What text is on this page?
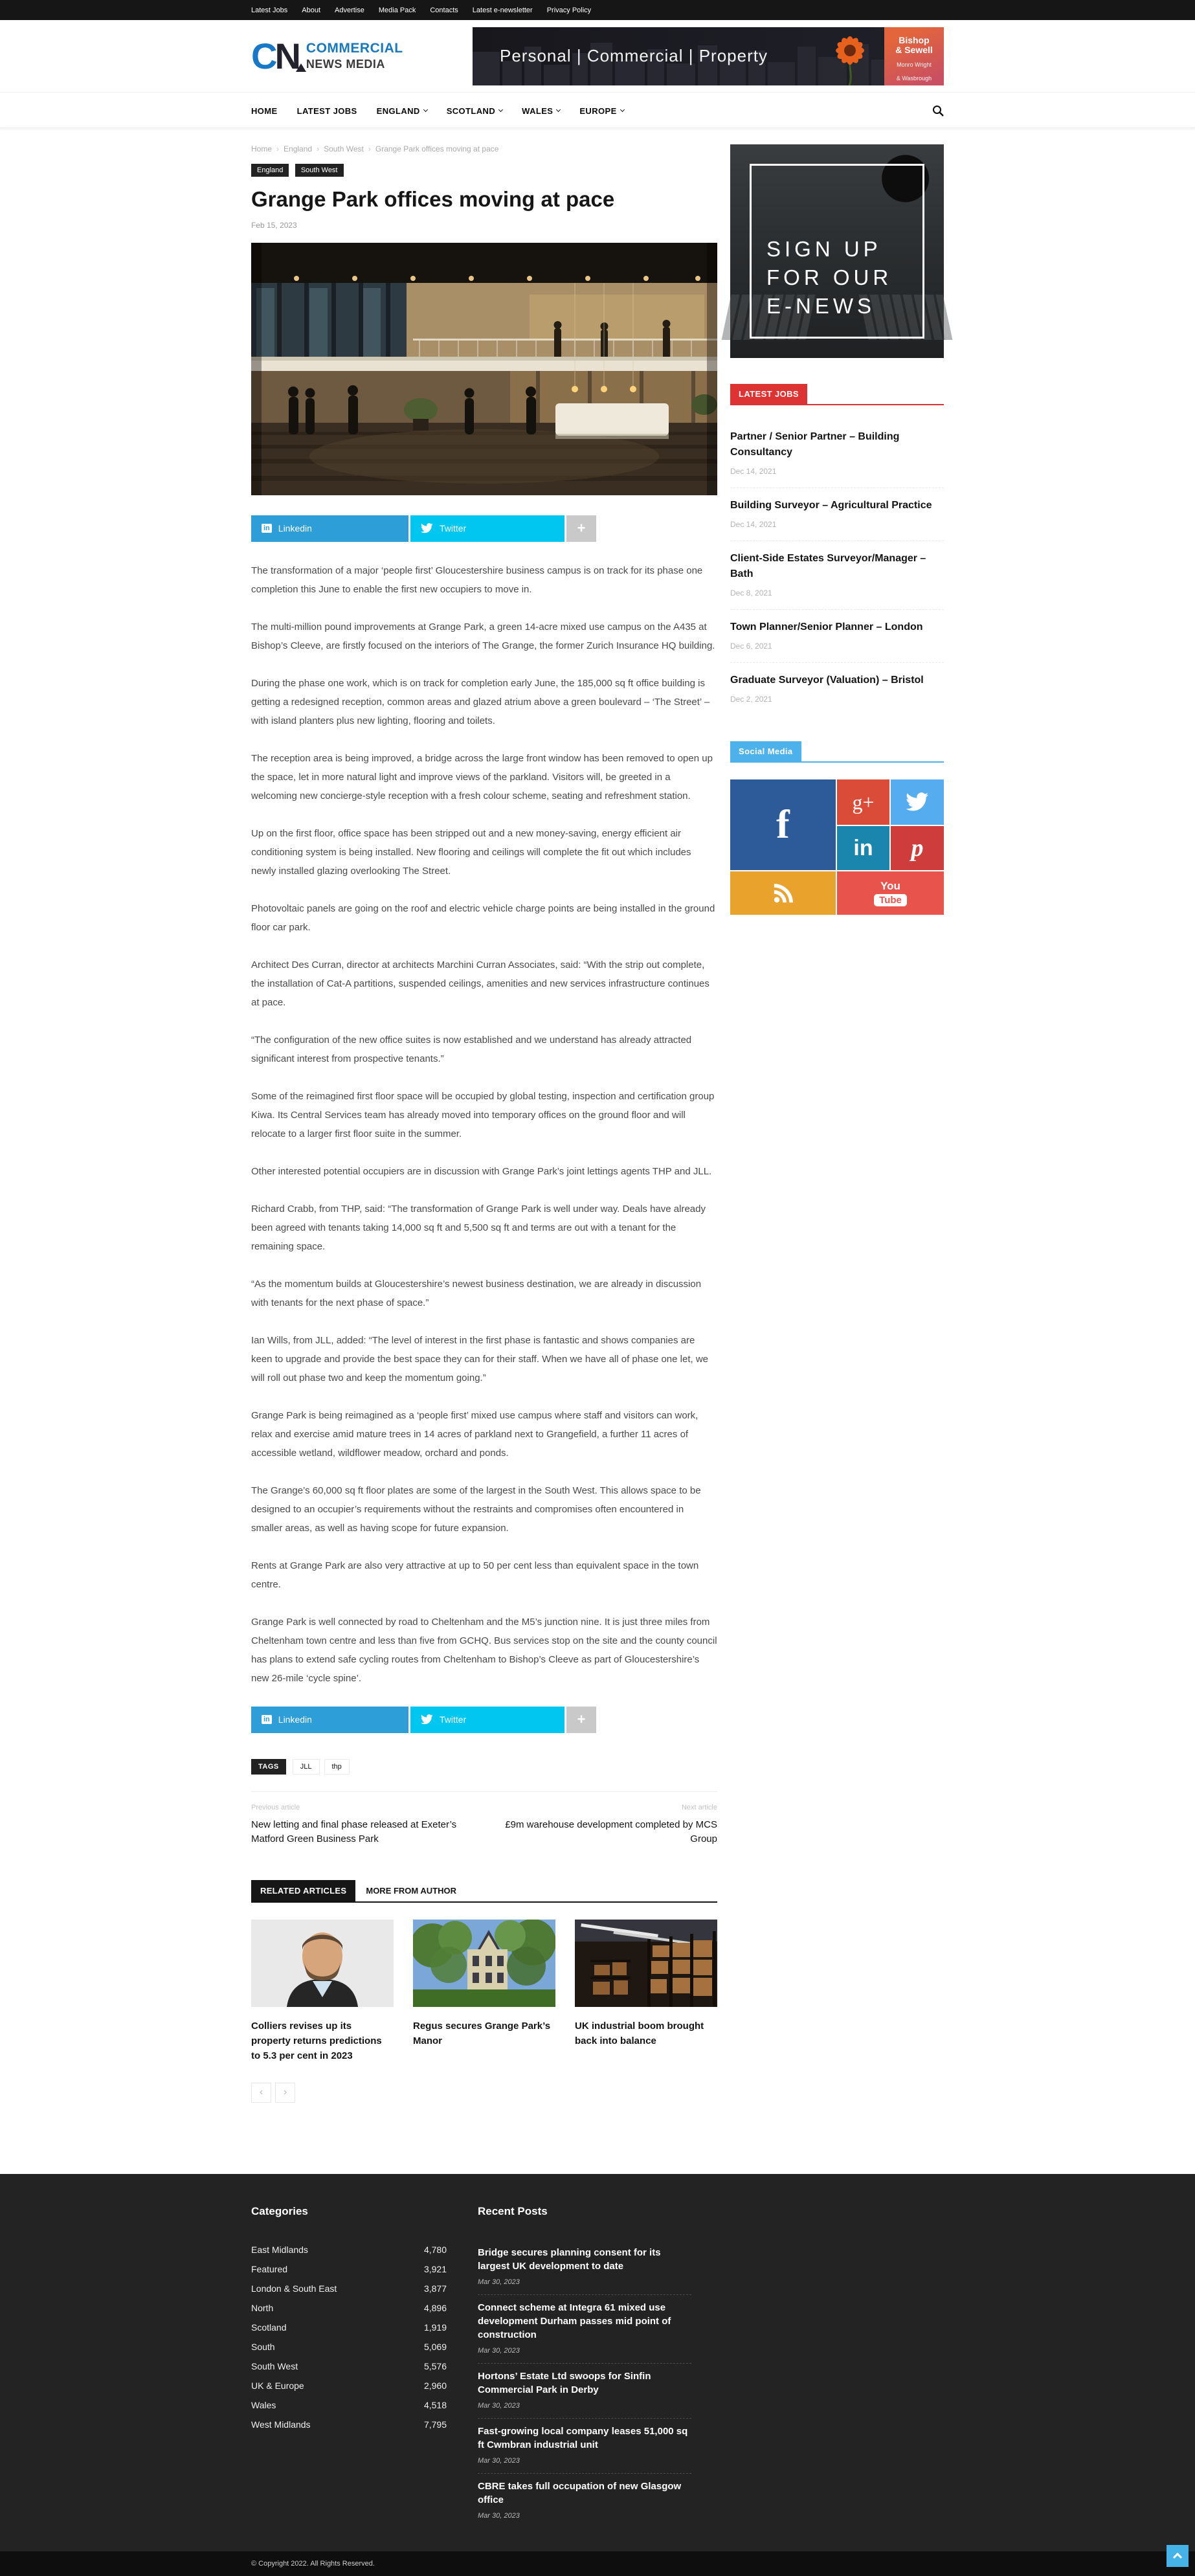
Latest Jobs About Advertise Media Pack Contacts Latest e-newsletter Privacy Policy
CN COMMERCIAL
NEWS MEDIA	Personal | Commercial | Property
Bishop
& Sewell
Monro Wright
& Wasbrough
HOME LATEST JOBS ENGLAND	SCOTLAND	WALES	EUROPE
Home › England › South West › Grange Park offices moving at pace
England South West
Grange Park offices moving at pace
Feb 15, 2023
in Linkedin	Twitter	+

The transformation of a major ‘people first’ Gloucestershire business campus is on track for its phase one completion this June to enable the first new occupiers to move in.

The multi-million pound improvements at Grange Park, a green 14-acre mixed use campus on the A435 at Bishop’s Cleeve, are firstly focused on the interiors of The Grange, the former Zurich Insurance HQ building.

During the phase one work, which is on track for completion early June, the 185,000 sq ft office building is getting a redesigned reception, common areas and glazed atrium above a green boulevard – ‘The Street’ – with island planters plus new lighting, flooring and toilets.

The reception area is being improved, a bridge across the large front window has been removed to open up the space, let in more natural light and improve views of the parkland. Visitors will, be greeted in a welcoming new concierge-style reception with a fresh colour scheme, seating and refreshment station.

Up on the first floor, office space has been stripped out and a new money-saving, energy efficient air conditioning system is being installed. New flooring and ceilings will complete the fit out which includes newly installed glazing overlooking The Street.

Photovoltaic panels are going on the roof and electric vehicle charge points are being installed in the ground floor car park.

Architect Des Curran, director at architects Marchini Curran Associates, said: “With the strip out complete, the installation of Cat-A partitions, suspended ceilings, amenities and new services infrastructure continues at pace.

“The configuration of the new office suites is now established and we understand has already attracted significant interest from prospective tenants.”

Some of the reimagined first floor space will be occupied by global testing, inspection and certification group Kiwa. Its Central Services team has already moved into temporary offices on the ground floor and will relocate to a larger first floor suite in the summer.

Other interested potential occupiers are in discussion with Grange Park’s joint lettings agents THP and JLL.

Richard Crabb, from THP, said: “The transformation of Grange Park is well under way. Deals have already been agreed with tenants taking 14,000 sq ft and 5,500 sq ft and terms are out with a tenant for the remaining space.

“As the momentum builds at Gloucestershire’s newest business destination, we are already in discussion with tenants for the next phase of space.”

Ian Wills, from JLL, added: “The level of interest in the first phase is fantastic and shows companies are keen to upgrade and provide the best space they can for their staff. When we have all of phase one let, we will roll out phase two and keep the momentum going.”

Grange Park is being reimagined as a ‘people first’ mixed use campus where staff and visitors can work, relax and exercise amid mature trees in 14 acres of parkland next to Grangefield, a further 11 acres of accessible wetland, wildflower meadow, orchard and ponds.

The Grange’s 60,000 sq ft floor plates are some of the largest in the South West. This allows space to be designed to an occupier’s requirements without the restraints and compromises often encountered in smaller areas, as well as having scope for future expansion.

Rents at Grange Park are also very attractive at up to 50 per cent less than equivalent space in the town centre.

Grange Park is well connected by road to Cheltenham and the M5’s junction nine. It is just three miles from Cheltenham town centre and less than five from GCHQ. Bus services stop on the site and the county council has plans to extend safe cycling routes from Cheltenham to Bishop’s Cleeve as part of Gloucestershire’s new 26-mile ‘cycle spine’.

in Linkedin	Twitter	+
TAGS	JLL	thp
Previous article
New letting and final phase released at Exeter’s Matford Green Business Park
Next article
£9m warehouse development completed by MCS Group
RELATED ARTICLES	MORE FROM AUTHOR
Colliers revises up its property returns predictions to 5.3 per cent in 2023
Regus secures Grange Park’s Manor
UK industrial boom brought back into balance
‹	›
SIGN UP
FOR OUR
E-NEWS
LATEST JOBS
Partner / Senior Partner – Building Consultancy
Dec 14, 2021
Building Surveyor – Agricultural Practice
Dec 14, 2021
Client-Side Estates Surveyor/Manager – Bath
Dec 8, 2021
Town Planner/Senior Planner – London
Dec 6, 2021
Graduate Surveyor (Valuation) – Bristol
Dec 2, 2021
Social Media
f
g+
in p
You
Tube
Categories
East Midlands	4,780
Featured	3,921
London & South East	3,877
North	4,896
Scotland	1,919
South	5,069
South West	5,576
UK & Europe	2,960
Wales	4,518
West Midlands	7,795
Recent Posts
Bridge secures planning consent for its largest UK development to date
Mar 30, 2023
Connect scheme at Integra 61 mixed use development Durham passes mid point of construction
Mar 30, 2023
Hortons’ Estate Ltd swoops for Sinfin Commercial Park in Derby
Mar 30, 2023
Fast-growing local company leases 51,000 sq ft Cwmbran industrial unit
Mar 30, 2023
CBRE takes full occupation of new Glasgow office
Mar 30, 2023
© Copyright 2022. All Rights Reserved.
